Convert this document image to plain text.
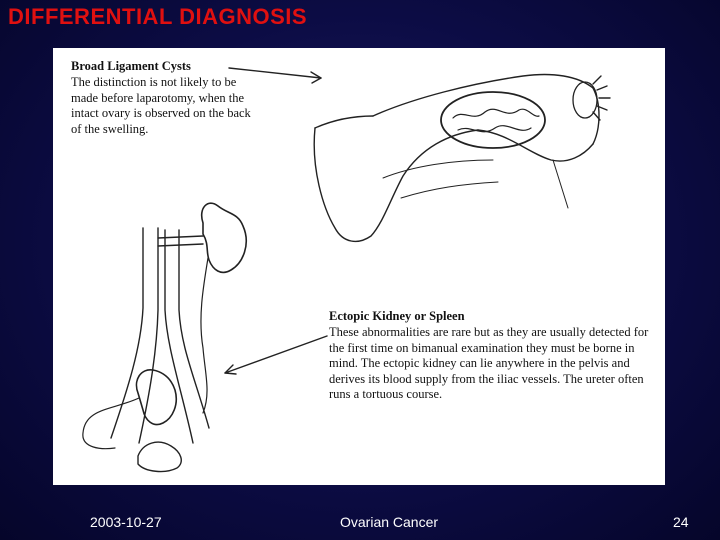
DIFFERENTIAL DIAGNOSIS
Broad Ligament Cysts
The distinction is not likely to be made before laparotomy, when the intact ovary is observed on the back of the swelling.
Ectopic Kidney or Spleen
These abnormalities are rare but as they are usually detected for the first time on bimanual examination they must be borne in mind. The ectopic kidney can lie anywhere in the pelvis and derives its blood supply from the iliac vessels. The ureter often runs a tortuous course.
2003-10-27	Ovarian Cancer	24
